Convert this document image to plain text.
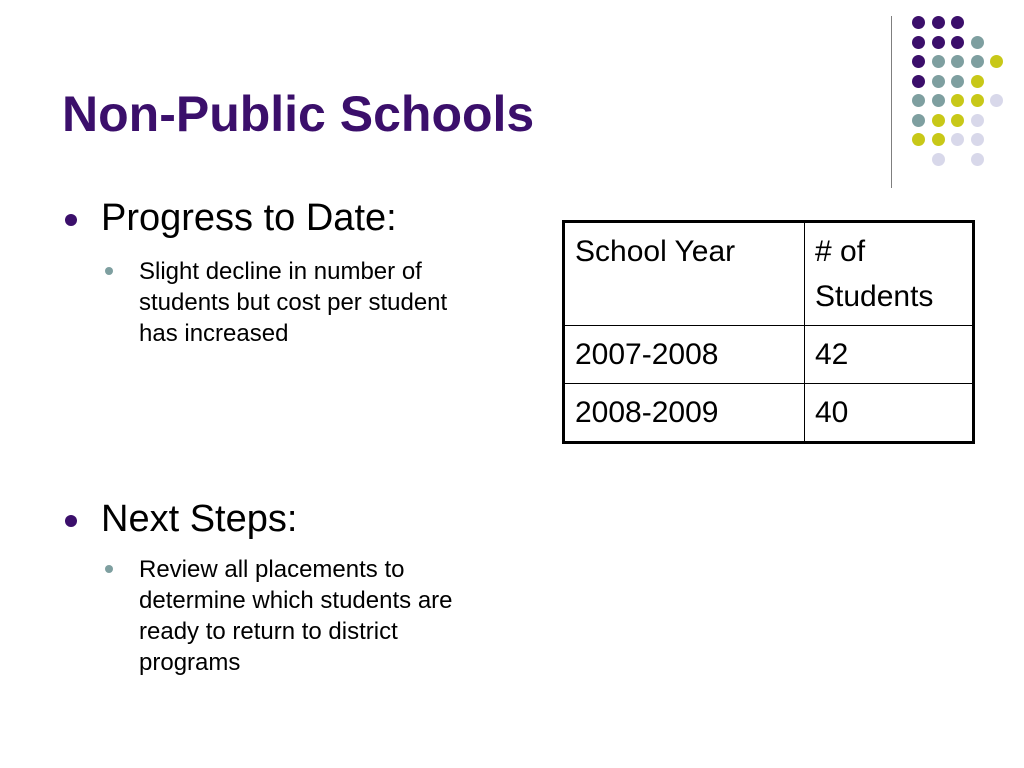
Non-Public Schools
Progress to Date:
Slight decline in number of students but cost per student has increased
Next Steps:
Review all placements to determine which students are ready to return to district programs
School Year	# of Students
2007-2008	42
2008-2009	40
